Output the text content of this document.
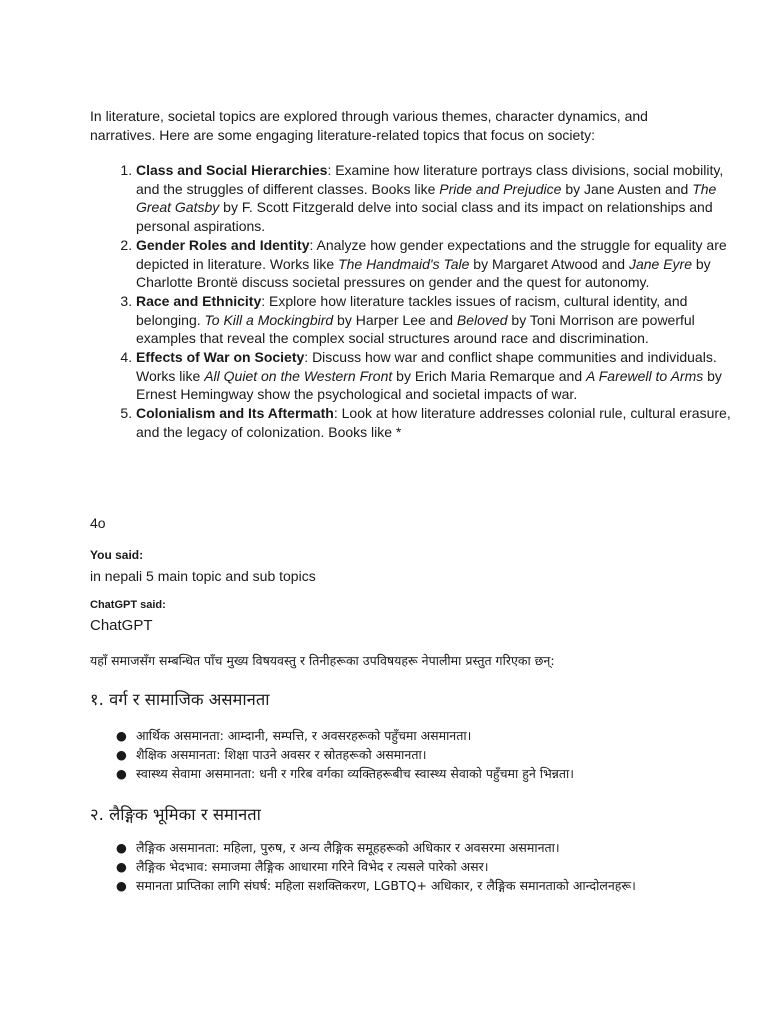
In literature, societal topics are explored through various themes, character dynamics, and narratives. Here are some engaging literature-related topics that focus on society:

1. Class and Social Hierarchies: Examine how literature portrays class divisions, social mobility, and the struggles of different classes. Books like Pride and Prejudice by Jane Austen and The Great Gatsby by F. Scott Fitzgerald delve into social class and its impact on relationships and personal aspirations.
2. Gender Roles and Identity: Analyze how gender expectations and the struggle for equality are depicted in literature. Works like The Handmaid's Tale by Margaret Atwood and Jane Eyre by Charlotte Brontë discuss societal pressures on gender and the quest for autonomy.
3. Race and Ethnicity: Explore how literature tackles issues of racism, cultural identity, and belonging. To Kill a Mockingbird by Harper Lee and Beloved by Toni Morrison are powerful examples that reveal the complex social structures around race and discrimination.
4. Effects of War on Society: Discuss how war and conflict shape communities and individuals. Works like All Quiet on the Western Front by Erich Maria Remarque and A Farewell to Arms by Ernest Hemingway show the psychological and societal impacts of war.
5. Colonialism and Its Aftermath: Look at how literature addresses colonial rule, cultural erasure, and the legacy of colonization. Books like *

4o

You said:

in nepali 5 main topic and sub topics

ChatGPT said:

ChatGPT

यहाँ समाजसँग सम्बन्धित पाँच मुख्य विषयवस्तु र तिनीहरूका उपविषयहरू नेपालीमा प्रस्तुत गरिएका छन्:

१. वर्ग र सामाजिक असमानता

● आर्थिक असमानता: आम्दानी, सम्पत्ति, र अवसरहरूको पहुँचमा असमानता।
● शैक्षिक असमानता: शिक्षा पाउने अवसर र स्रोतहरूको असमानता।
● स्वास्थ्य सेवामा असमानता: धनी र गरिब वर्गका व्यक्तिहरूबीच स्वास्थ्य सेवाको पहुँचमा हुने भिन्नता।

२. लैङ्गिक भूमिका र समानता

● लैङ्गिक असमानता: महिला, पुरुष, र अन्य लैङ्गिक समूहहरूको अधिकार र अवसरमा असमानता।
● लैङ्गिक भेदभाव: समाजमा लैङ्गिक आधारमा गरिने विभेद र त्यसले पारेको असर।
● समानता प्राप्तिका लागि संघर्ष: महिला सशक्तिकरण, LGBTQ+ अधिकार, र लैङ्गिक समानताको आन्दोलनहरू।
